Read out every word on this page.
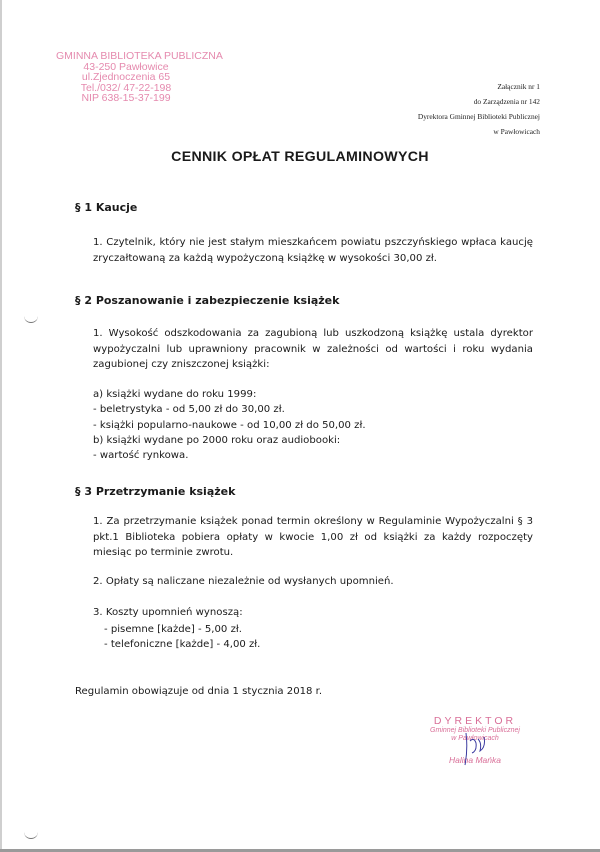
GMINNA BIBLIOTEKA PUBLICZNA
43-250 Pawłowice
ul.Zjednoczenia 65
Tel./032/ 47-22-198
NIP 638-15-37-199
Załącznik nr 1
do Zarządzenia nr 142
Dyrektora Gminnej Biblioteki Publicznej
w Pawłowicach
CENNIK OPŁAT REGULAMINOWYCH
§ 1 Kaucje
1. Czytelnik, który nie jest stałym mieszkańcem powiatu pszczyńskiego wpłaca kaucję zryczałtowaną za każdą wypożyczoną książkę w wysokości 30,00 zł.
§ 2 Poszanowanie i zabezpieczenie książek
1. Wysokość odszkodowania za zagubioną lub uszkodzoną książkę ustala dyrektor wypożyczalni lub uprawniony pracownik w zależności od wartości i roku wydania zagubionej czy zniszczonej książki:
a) książki wydane do roku 1999:
- beletrystyka - od 5,00 zł do 30,00 zł.
- książki popularno-naukowe - od 10,00 zł do 50,00 zł.
b) książki wydane po 2000 roku oraz audiobooki:
- wartość rynkowa.
§ 3 Przetrzymanie książek
1. Za przetrzymanie książek ponad termin określony w Regulaminie Wypożyczalni § 3 pkt.1 Biblioteka pobiera opłaty w kwocie 1,00 zł od książki za każdy rozpoczęty miesiąc po terminie zwrotu.
2. Opłaty są naliczane niezależnie od wysłanych upomnień.
3. Koszty upomnień wynoszą:
- pisemne [każde] - 5,00 zł.
- telefoniczne [każde] - 4,00 zł.
Regulamin obowiązuje od dnia 1 stycznia 2018 r.
DYREKTOR
Gminnej Biblioteki Publicznej
w Pawłowicach
Halina Mańka
